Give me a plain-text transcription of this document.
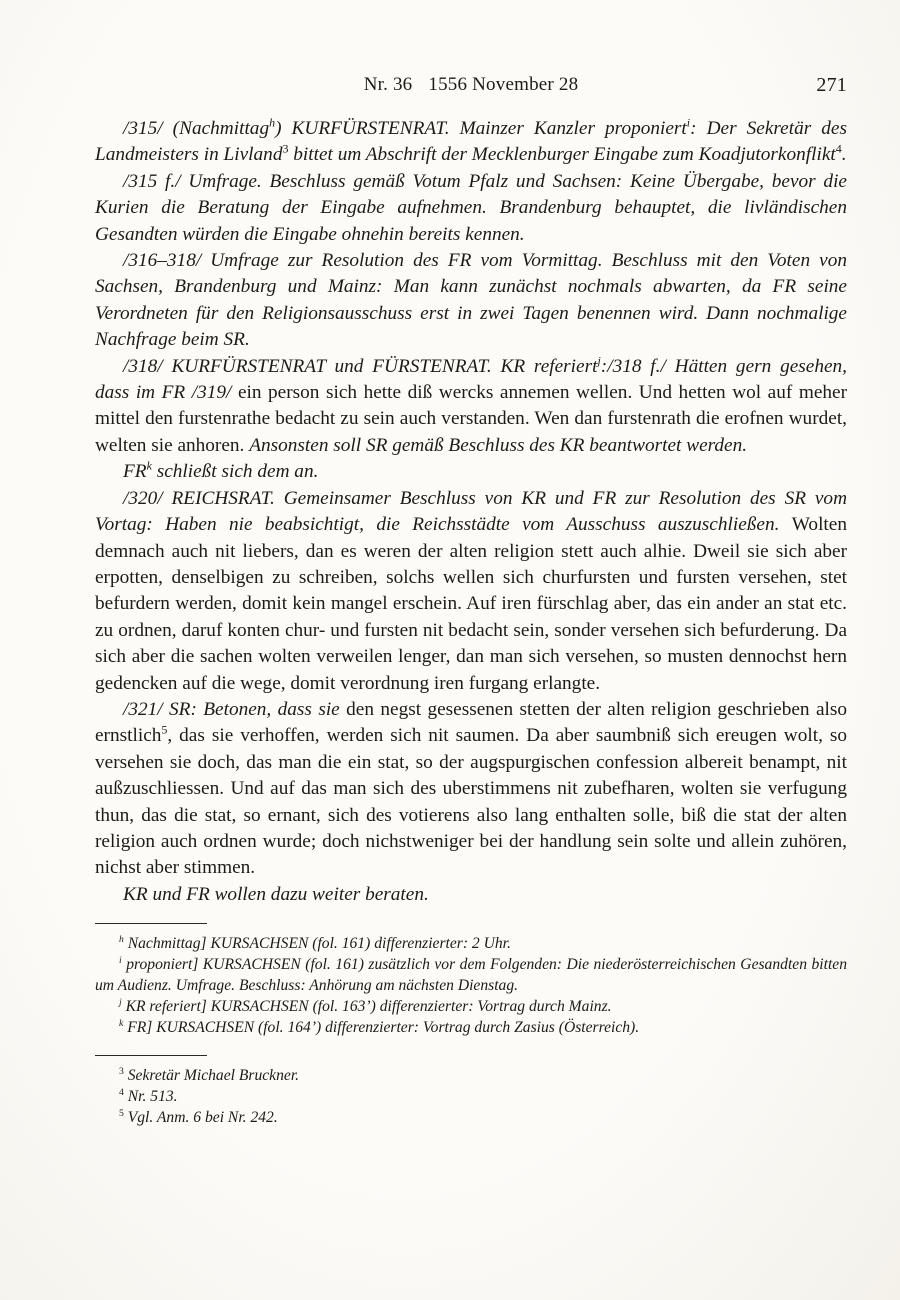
Nr. 36 1556 November 28	271

/315/ (Nachmittag$^h$) KURFÜRSTENRAT. Mainzer Kanzler proponiert$^i$: Der Sekretär des Landmeisters in Livland$^3$ bittet um Abschrift der Mecklenburger Eingabe zum Koadjutorkonflikt$^4$.

/315 f./ Umfrage. Beschluss gemäß Votum Pfalz und Sachsen: Keine Übergabe, bevor die Kurien die Beratung der Eingabe aufnehmen. Brandenburg behauptet, die livländischen Gesandten würden die Eingabe ohnehin bereits kennen.

/316–318/ Umfrage zur Resolution des FR vom Vormittag. Beschluss mit den Voten von Sachsen, Brandenburg und Mainz: Man kann zunächst nochmals abwarten, da FR seine Verordneten für den Religionsausschuss erst in zwei Tagen benennen wird. Dann nochmalige Nachfrage beim SR.

/318/ KURFÜRSTENRAT und FÜRSTENRAT. KR referiert$^j$:/318 f./ Hätten gern gesehen, dass im FR /319/ ein person sich hette diß wercks annemen wellen. Und hetten wol auf meher mittel den furstenrathe bedacht zu sein auch verstanden. Wen dan furstenrath die erofnen wurdet, welten sie anhoren. Ansonsten soll SR gemäß Beschluss des KR beantwortet werden.

$FR^k$ schließt sich dem an.

/320/ REICHSRAT. Gemeinsamer Beschluss von KR und FR zur Resolution des SR vom Vortag: Haben nie beabsichtigt, die Reichsstädte vom Ausschuss auszuschließen. Wolten demnach auch nit liebers, dan es weren der alten religion stett auch alhie. Dweil sie sich aber erpotten, denselbigen zu schreiben, solchs wellen sich churfursten und fursten versehen, stet befurdern werden, domit kein mangel erschein. Auf iren fürschlag aber, das ein ander an stat etc. zu ordnen, daruf konten chur- und fursten nit bedacht sein, sonder versehen sich befurderung. Da sich aber die sachen wolten verweilen lenger, dan man sich versehen, so musten dennochst hern gedencken auf die wege, domit verordnung iren furgang erlangte.

/321/ SR: Betonen, dass sie den negst gesessenen stetten der alten religion geschrieben also ernstlich$^5$, das sie verhoffen, werden sich nit saumen. Da aber saumbniß sich ereugen wolt, so versehen sie doch, das man die ein stat, so der augspurgischen confession albereit benampt, nit außzuschliessen. Und auf das man sich des uberstimmens nit zubefharen, wolten sie verfugung thun, das die stat, so ernant, sich des votierens also lang enthalten solle, biß die stat der alten religion auch ordnen wurde; doch nichstweniger bei der handlung sein solte und allein zuhören, nichst aber stimmen.

KR und FR wollen dazu weiter beraten.

$^h$ Nachmittag] KURSACHSEN (fol. 161) differenzierter: 2 Uhr.

$^i$ proponiert] KURSACHSEN (fol. 161) zusätzlich vor dem Folgenden: Die niederösterreichischen Gesandten bitten um Audienz. Umfrage. Beschluss: Anhörung am nächsten Dienstag.

$^j$ KR referiert] KURSACHSEN (fol. 163’) differenzierter: Vortrag durch Mainz.

$^k$ FR] KURSACHSEN (fol. 164’) differenzierter: Vortrag durch Zasius (Österreich).

$^3$ Sekretär Michael Bruckner.

$^4$ Nr. 513.

$^5$ Vgl. Anm. 6 bei Nr. 242.
